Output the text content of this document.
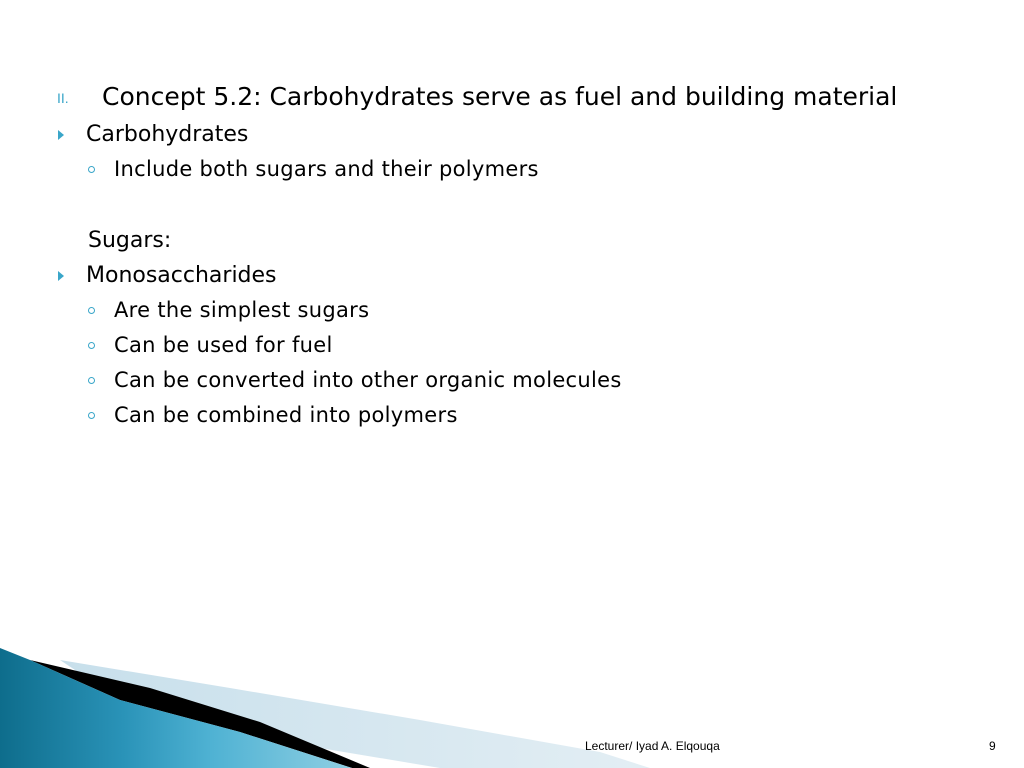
II. Concept 5.2: Carbohydrates serve as fuel and building material
Carbohydrates
Include both sugars and their polymers
Sugars:
Monosaccharides
Are the simplest sugars
Can be used for fuel
Can be converted into other organic molecules
Can be combined into polymers
Lecturer/ Iyad A. Elqouqa	9
